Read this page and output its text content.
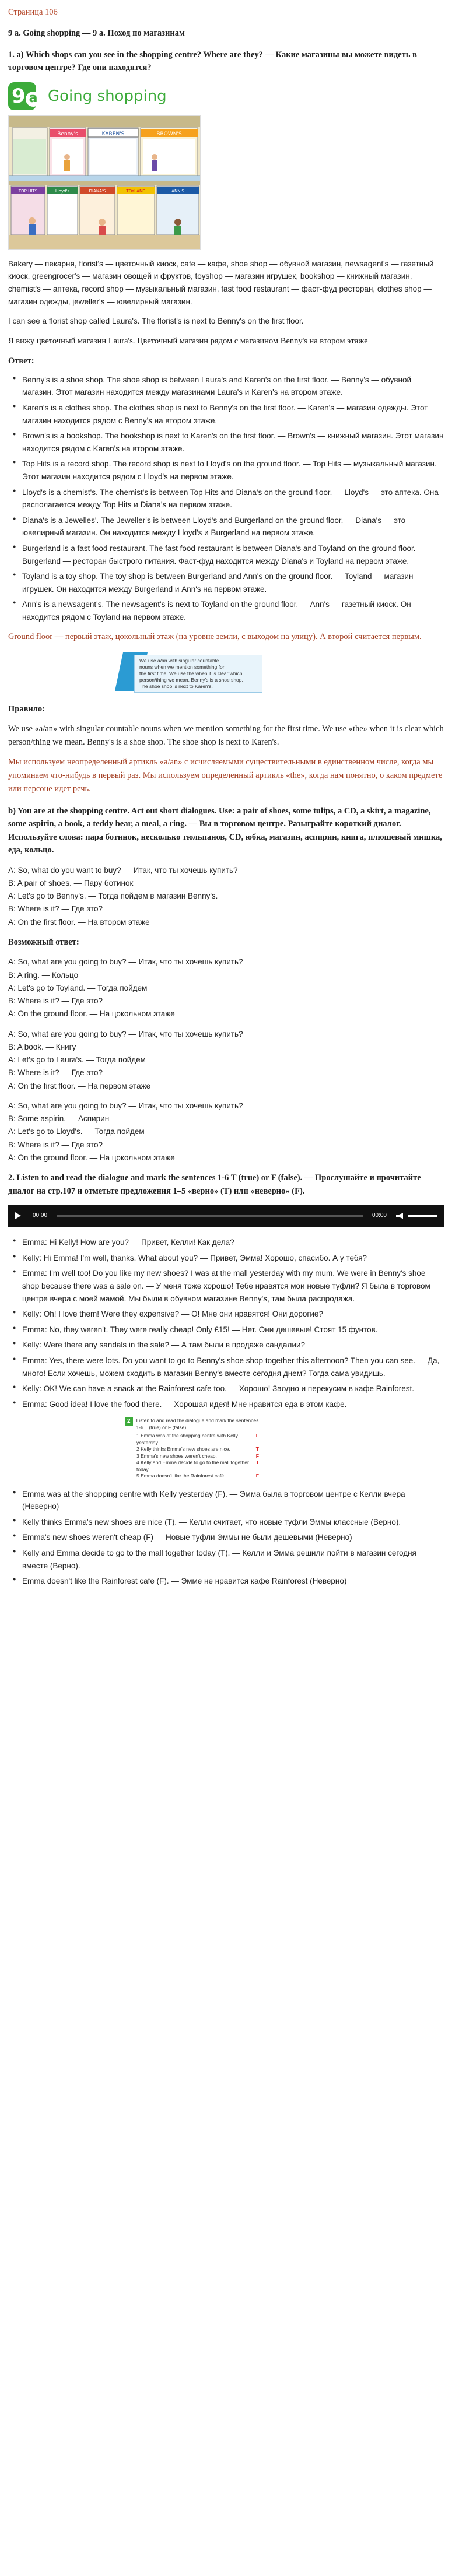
Страница 106

9 a. Going shopping — 9 a. Поход по магазинам

1. a) Which shops can you see in the shopping centre? Where are they? — Какие магазины вы можете видеть в торговом центре? Где они находятся?

9 a Going shopping
Benny's	KAREN'S	BROWN'S
TOP HITS	Lloyd's	DIANA'S	TOYLAND	ANN'S

Bakery — пекарня, florist's — цветочный киоск, cafe — кафе, shoe shop — обувной магазин, newsagent's — газетный киоск, greengrocer's — магазин овощей и фруктов, toyshop — магазин игрушек, bookshop — книжный магазин, chemist's — аптека, record shop — музыкальный магазин, fast food restaurant — фаст-фуд ресторан, clothes shop — магазин одежды, jeweller's — ювелирный магазин.

I can see a florist shop called Laura's. The florist's is next to Benny's on the first floor.

Я вижу цветочный магазин Laura's. Цветочный магазин рядом с магазином Benny's на втором этаже

Ответ:

● Benny's is a shoe shop. The shoe shop is between Laura's and Karen's on the first floor. — Benny's — обувной магазин. Этот магазин находится между магазинами Laura's и Karen's на втором этаже.
● Karen's is a clothes shop. The clothes shop is next to Benny's on the first floor. — Karen's — магазин одежды. Этот магазин находится рядом с Benny's на втором этаже.
● Brown's is a bookshop. The bookshop is next to Karen's on the first floor. — Brown's — книжный магазин. Этот магазин находится рядом с Karen's на втором этаже.
● Top Hits is a record shop. The record shop is next to Lloyd's on the ground floor. — Top Hits — музыкальный магазин. Этот магазин находится рядом с Lloyd's на первом этаже.
● Lloyd's is a chemist's. The chemist's is between Top Hits and Diana's on the ground floor. — Lloyd's — это аптека. Она располагается между Top Hits и Diana's на первом этаже.
● Diana's is a Jewelles'. The Jeweller's is between Lloyd's and Burgerland on the ground floor. — Diana's — это ювелирный магазин. Он находится между Lloyd's и Burgerland на первом этаже.
● Burgerland is a fast food restaurant. The fast food restaurant is between Diana's and Toyland on the ground floor. — Burgerland — ресторан быстрого питания. Фаст-фуд находится между Diana's и Toyland на первом этаже.
● Toyland is a toy shop. The toy shop is between Burgerland and Ann's on the ground floor. — Toyland — магазин игрушек. Он находится между Burgerland и Ann's на первом этаже.
● Ann's is a newsagent's. The newsagent's is next to Toyland on the ground floor. — Ann's — газетный киоск. Он находится рядом с Toyland на первом этаже.

Ground floor — первый этаж, цокольный этаж (на уровне земли, с выходом на улицу). А второй считается первым.

We use a/an with singular countable
nouns when we mention something for
the first time. We use the when it is clear which
person/thing we mean. Benny's is a shoe shop.
The shoe shop is next to Karen's.

Правило:

We use «a/an» with singular countable nouns when we mention something for the first time. We use «the» when it is clear which person/thing we mean. Benny's is a shoe shop. The shoe shop is next to Karen's.

Мы используем неопределенный артикль «a/an» с исчисляемыми существительными в единственном числе, когда мы упоминаем что-нибудь в первый раз. Мы используем определенный артикль «the», когда нам понятно, о каком предмете или персоне идет речь.

b) You are at the shopping centre. Act out short dialogues. Use: a pair of shoes, some tulips, a CD, a skirt, a magazine, some aspirin, a book, a teddy bear, a meal, a ring. — Вы в торговом центре. Разыграйте короткий диалог. Используйте слова: пара ботинок, несколько тюльпанов, CD, юбка, магазин, аспирин, книга, плюшевый мишка, еда, кольцо.

A: So, what do you want to buy? — Итак, что ты хочешь купить?
B: A pair of shoes. — Пару ботинок
A: Let's go to Benny's. — Тогда пойдем в магазин Benny's.
B: Where is it? — Где это?
A: On the first floor. — На втором этаже

Возможный ответ:

A: So, what are you going to buy? — Итак, что ты хочешь купить?
B: A ring. — Кольцо
A: Let's go to Toyland. — Тогда пойдем
B: Where is it? — Где это?
A: On the ground floor. — На цокольном этаже
A: So, what are you going to buy? — Итак, что ты хочешь купить?
B: A book. — Книгу
A: Let's go to Laura's. — Тогда пойдем
B: Where is it? — Где это?
A: On the first floor. — На первом этаже
A: So, what are you going to buy? — Итак, что ты хочешь купить?
B: Some aspirin. — Аспирин
A: Let's go to Lloyd's. — Тогда пойдем
B: Where is it? — Где это?
A: On the ground floor. — На цокольном этаже

2. Listen to and read the dialogue and mark the sentences 1-6 T (true) or F (false). — Прослушайте и прочитайте диалог на стр.107 и отметьте предложения 1–5 «верно» (T) или «неверно» (F).

00:00	00:00
● Emma: Hi Kelly! How are you? — Привет, Келли! Как дела?
● Kelly: Hi Emma! I'm well, thanks. What about you? — Привет, Эмма! Хорошо, спасибо. А у тебя?
● Emma: I'm well too! Do you like my new shoes? I was at the mall yesterday with my mum. We were in Benny's shoe shop because there was a sale on. — У меня тоже хорошо! Тебе нравятся мои новые туфли? Я была в торговом центре вчера с моей мамой. Мы были в обувном магазине Benny's, там была распродажа.
● Kelly: Oh! I love them! Were they expensive? — О! Мне они нравятся! Они дорогие?
● Emma: No, they weren't. They were really cheap! Only £15! — Нет. Они дешевые! Стоят 15 фунтов.
● Kelly: Were there any sandals in the sale? — А там были в продаже сандалии?
● Emma: Yes, there were lots. Do you want to go to Benny's shoe shop together this afternoon? Then you can see. — Да, много! Если хочешь, можем сходить в магазин Benny's вместе сегодня днем? Тогда сама увидишь.
● Kelly: OK! We can have a snack at the Rainforest cafe too. — Хорошо! Заодно и перекусим в кафе Rainforest.
● Emma: Good idea! I love the food there. — Хорошая идея! Мне нравится еда в этом кафе.
2	Listen to and read the dialogue and mark the sentences 1-6 T (true) or F (false).
1 Emma was at the shopping centre with Kelly yesterday.
F
2 Kelly thinks Emma's new shoes are nice.	T
3 Emma's new shoes weren't cheap.	F
4 Kelly and Emma decide to go to the mall together today.
T
5 Emma doesn't like the Rainforest café.	F
● Emma was at the shopping centre with Kelly yesterday (F). — Эмма была в торговом центре с Келли вчера (Неверно)
● Kelly thinks Emma's new shoes are nice (T). — Келли считает, что новые туфли Эммы классные (Верно).
● Emma's new shoes weren't cheap (F) — Новые туфли Эммы не были дешевыми (Неверно)
● Kelly and Emma decide to go to the mall together today (T). — Келли и Эмма решили пойти в магазин сегодня вместе (Верно).
● Emma doesn't like the Rainforest cafe (F). — Эмме не нравится кафе Rainforest (Неверно)
